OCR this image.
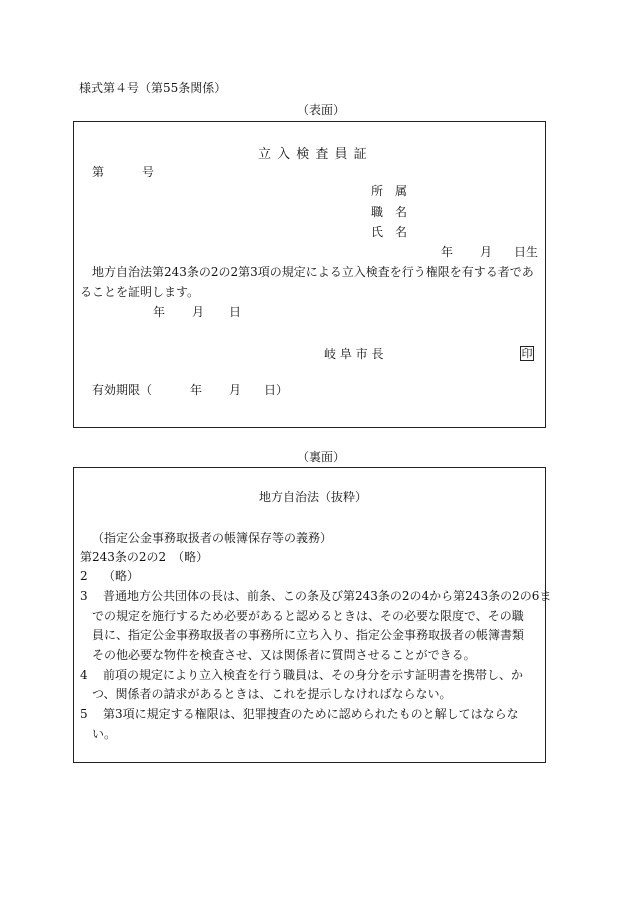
様式第４号（第55条関係）
（表面）
立 入 検 査 員 証
第	号
所　属
職　名
氏　名
年 月 日生
地方自治法第243条の2の2第3項の規定による立入検査を行う権限を有する者であ
ることを証明します。
年 月 日
岐 阜 市 長	印
有効期限（	年 月 日）
（裏面）
地方自治法（抜粋）
（指定公金事務取扱者の帳簿保存等の義務）
第243条の2の2　（略）
2 （略）
3 普通地方公共団体の長は、前条、この条及び第243条の2の4から第243条の2の6ま
での規定を施行するため必要があると認めるときは、その必要な限度で、その職
員に、指定公金事務取扱者の事務所に立ち入り、指定公金事務取扱者の帳簿書類
その他必要な物件を検査させ、又は関係者に質問させることができる。
4 前項の規定により立入検査を行う職員は、その身分を示す証明書を携帯し、か
つ、関係者の請求があるときは、これを提示しなければならない。
5 第3項に規定する権限は、犯罪捜査のために認められたものと解してはならな
い。
